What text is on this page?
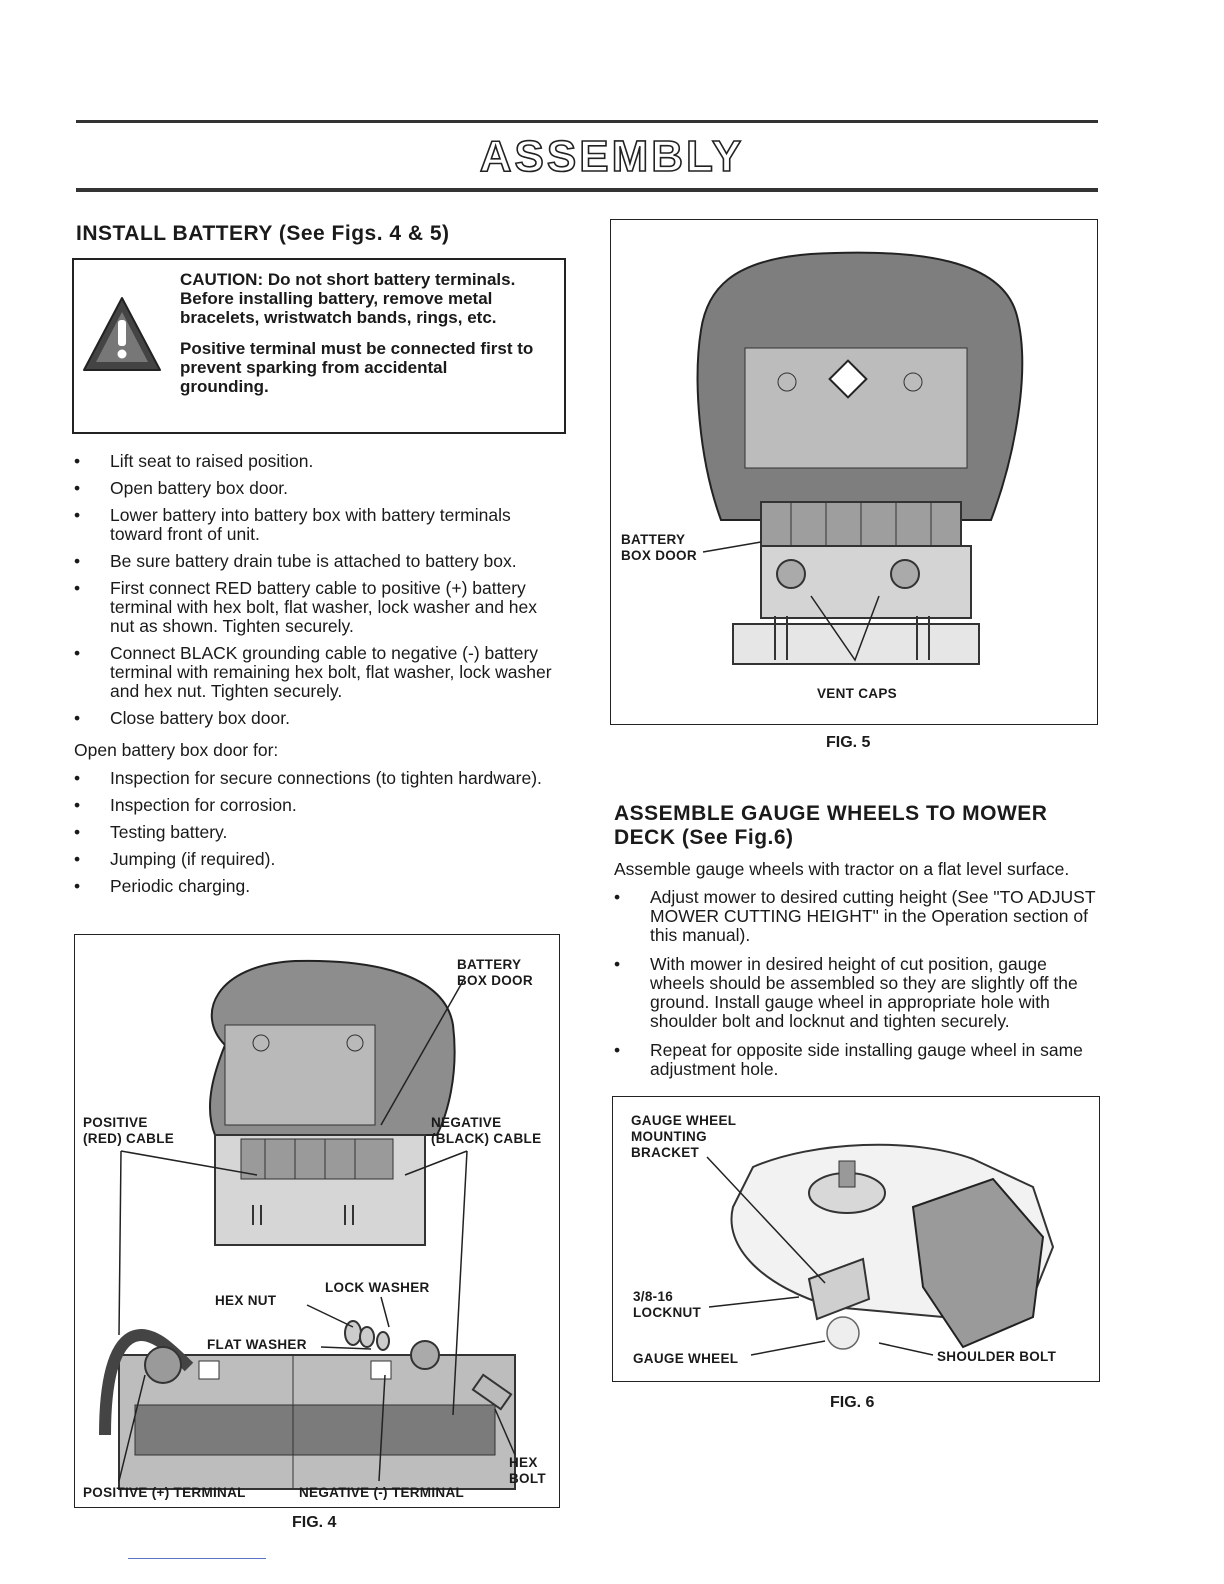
ASSEMBLY
INSTALL BATTERY (See Figs. 4 & 5)

CAUTION: Do not short battery terminals. Before installing battery, remove metal bracelets, wristwatch bands, rings, etc.

Positive terminal must be connected first to prevent sparking from accidental grounding.

• Lift seat to raised position.
• Open battery box door.
• Lower battery into battery box with battery terminals toward front of unit.
• Be sure battery drain tube is attached to battery box.
• First connect RED battery cable to positive (+) battery terminal with hex bolt, flat washer, lock washer and hex nut as shown. Tighten securely.
• Connect BLACK grounding cable to negative (-) battery terminal with remaining hex bolt, flat washer, lock washer and hex nut. Tighten securely.
• Close battery box door.
Open battery box door for:
• Inspection for secure connections (to tighten hardware).
• Inspection for corrosion.
• Testing battery.
• Jumping (if required).
• Periodic charging.
BATTERY
BOX DOOR
POSITIVE
(RED) CABLE
NEGATIVE
(BLACK) CABLE
LOCK WASHER
HEX NUT
FLAT WASHER
HEX
BOLT
POSITIVE (+) TERMINAL	NEGATIVE (-) TERMINAL
FIG. 4
BATTERY
BOX DOOR
VENT CAPS
FIG. 5
ASSEMBLE GAUGE WHEELS TO MOWER DECK (See Fig.6)
Assemble gauge wheels with tractor on a flat level surface.
• Adjust mower to desired cutting height (See "TO ADJUST MOWER CUTTING HEIGHT" in the Operation section of this manual).
• With mower in desired height of cut position, gauge wheels should be assembled so they are slightly off the ground. Install gauge wheel in appropriate hole with shoulder bolt and locknut and tighten securely.
• Repeat for opposite side installing gauge wheel in same adjustment hole.
GAUGE WHEEL
MOUNTING
BRACKET
3/8-16
LOCKNUT
GAUGE WHEEL	SHOULDER BOLT
FIG. 6
